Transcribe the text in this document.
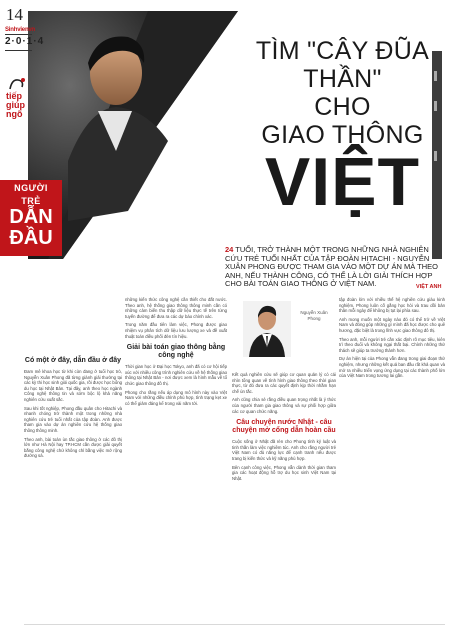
14
Sinhvienvn
2·0·1·4
tiếp
giúp
ngõ
NGƯỜI
TRẺ
DẪN
ĐẦU
TÌM "CÂY ĐŨA
THẦN"
CHO
GIAO THÔNG
VIỆT
24 TUỔI, TRỞ THÀNH MỘT TRONG NHỮNG NHÀ NGHIÊN CỨU TRẺ TUỔI NHẤT CỦA TẬP ĐOÀN HITACHI - NGUYỄN XUÂN PHONG ĐƯỢC THAM GIA VÀO MỘT DỰ ÁN MÀ THEO ANH, NẾU THÀNH CÔNG, CÓ THỂ LÀ LỜI GIẢI THÍCH HỢP CHO BÀI TOÁN GIAO THÔNG Ở VIỆT NAM.	VIỆT ANH
Có một ở đây, dẫn đầu ở đây

Đam mê khoa học từ khi còn đang ở tuổi học trò, Nguyễn Xuân Phong đã từng giành giải thưởng tại các kỳ thi học sinh giỏi quốc gia, rồi được học bổng du học tại Nhật Bản. Tại đây, anh theo học ngành Công nghệ thông tin và sớm bộc lộ khả năng nghiên cứu xuất sắc.

Sau khi tốt nghiệp, Phong đầu quân cho Hitachi và nhanh chóng trở thành một trong những nhà nghiên cứu trẻ tuổi nhất của tập đoàn. Anh được tham gia vào dự án nghiên cứu hệ thống giao thông thông minh.

Theo anh, bài toán ùn tắc giao thông ở các đô thị lớn như Hà Nội hay TP.HCM cần được giải quyết bằng công nghệ chứ không chỉ bằng việc mở rộng đường sá.

những kiến thức công nghệ cần thiết cho đất nước. Theo anh, hệ thống giao thông thông minh cần có những cảm biến thu thập dữ liệu thực tế trên từng tuyến đường để đưa ra các dự báo chính xác.

Trong năm đầu tiên làm việc, Phong được giao nhiệm vụ phân tích dữ liệu lưu lượng xe và đề xuất thuật toán điều phối đèn tín hiệu.

Giải bài toán giao thông bằng công nghệ

Thời gian học ở Đại học Tokyo, anh đã có cơ hội tiếp xúc với nhiều công trình nghiên cứu về hệ thống giao thông tại Nhật Bản - nơi được xem là hình mẫu về tổ chức giao thông đô thị.

Phong cho rằng nếu áp dụng mô hình này vào Việt Nam với những điều chỉnh phù hợp, tình trạng kẹt xe có thể giảm đáng kể trong vài năm tới.

Nguyễn Xuân Phong

Kết quả nghiên cứu sẽ giúp cơ quan quản lý có cái nhìn tổng quan về tình hình giao thông theo thời gian thực, từ đó đưa ra các quyết định kịp thời nhằm hạn chế ùn tắc.

Anh cũng chia sẻ rằng điều quan trọng nhất là ý thức của người tham gia giao thông và sự phối hợp giữa các cơ quan chức năng.

Câu chuyện nước Nhật - câu chuyện mở cổng dẫn hoàn cầu

Cuộc sống ở Nhật đã rèn cho Phong tính kỷ luật và tinh thần làm việc nghiêm túc. Anh cho rằng người trẻ Việt Nam có đủ năng lực để cạnh tranh nếu được trang bị kiến thức và kỹ năng phù hợp.

Bên cạnh công việc, Phong vẫn dành thời gian tham gia các hoạt động hỗ trợ du học sinh Việt Nam tại Nhật.

tập đoàn lớn với nhiều thế hệ nghiên cứu giàu kinh nghiệm, Phong luôn cố gắng học hỏi và trau dồi bản thân mỗi ngày để không bị tụt lại phía sau.

Anh mong muốn một ngày nào đó có thể trở về Việt Nam và đóng góp những gì mình đã học được cho quê hương, đặc biệt là trong lĩnh vực giao thông đô thị.

Theo anh, mỗi người trẻ cần xác định rõ mục tiêu, kiên trì theo đuổi và không ngại thất bại. Chính những thử thách sẽ giúp ta trưởng thành hơn.

Dự án hiện tại của Phong vẫn đang trong giai đoạn thử nghiệm, nhưng những kết quả ban đầu rất khả quan và mở ra nhiều triển vọng ứng dụng tại các thành phố lớn của Việt Nam trong tương lai gần.
